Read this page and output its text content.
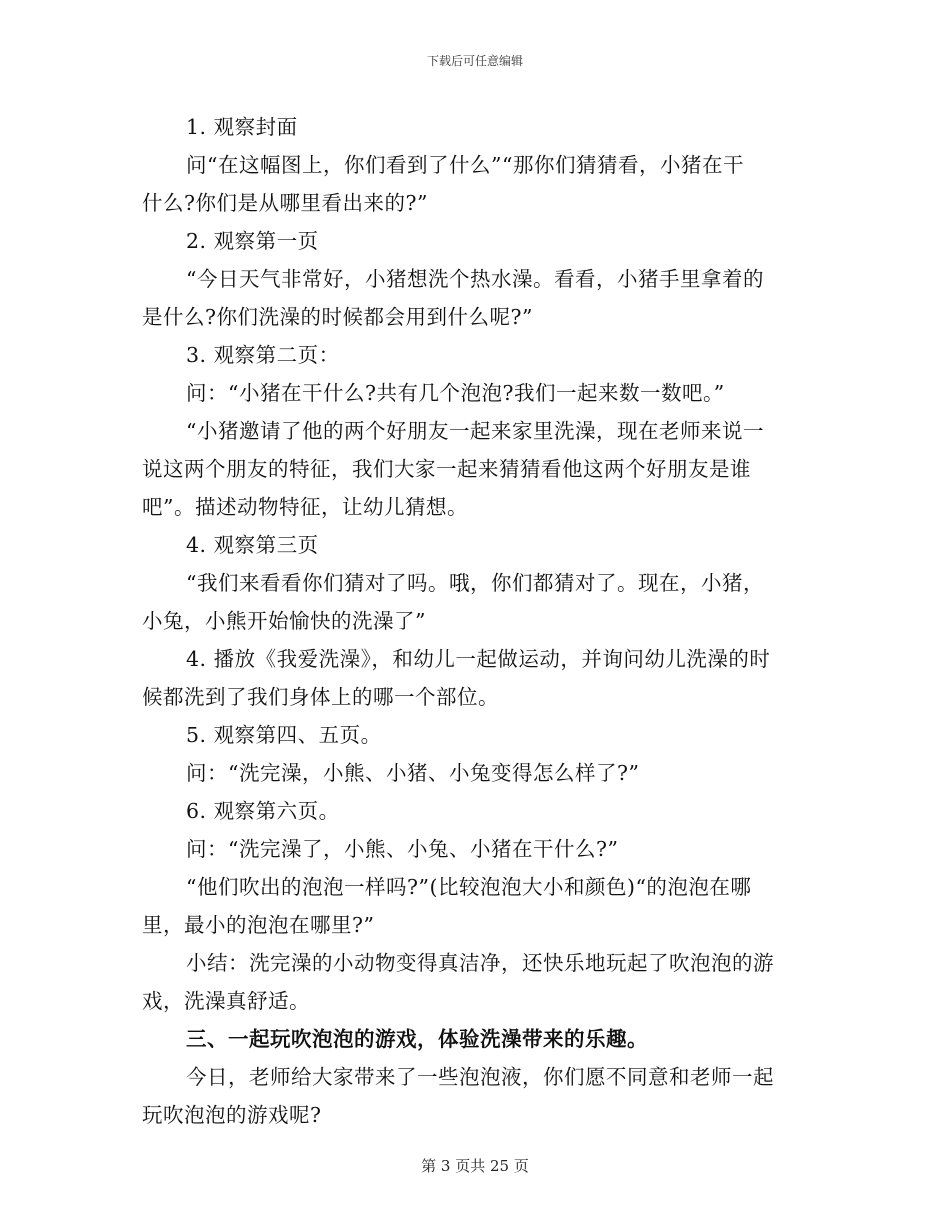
下载后可任意编辑
1. 观察封面
问“在这幅图上，你们看到了什么”“那你们猜猜看，小猪在干
什么?你们是从哪里看出来的?”
2. 观察第一页
“今日天气非常好，小猪想洗个热水澡。看看，小猪手里拿着的
是什么?你们洗澡的时候都会用到什么呢?”
3. 观察第二页：
问：“小猪在干什么?共有几个泡泡?我们一起来数一数吧。”
“小猪邀请了他的两个好朋友一起来家里洗澡，现在老师来说一
说这两个朋友的特征，我们大家一起来猜猜看他这两个好朋友是谁
吧”。描述动物特征，让幼儿猜想。
4. 观察第三页
“我们来看看你们猜对了吗。哦，你们都猜对了。现在，小猪，
小兔，小熊开始愉快的洗澡了”
4. 播放《我爱洗澡》，和幼儿一起做运动，并询问幼儿洗澡的时
候都洗到了我们身体上的哪一个部位。
5. 观察第四、五页。
问：“洗完澡，小熊、小猪、小兔变得怎么样了?”
6. 观察第六页。
问：“洗完澡了，小熊、小兔、小猪在干什么?”
“他们吹出的泡泡一样吗?”(比较泡泡大小和颜色)“的泡泡在哪
里，最小的泡泡在哪里?”
小结：洗完澡的小动物变得真洁净，还快乐地玩起了吹泡泡的游
戏，洗澡真舒适。
三、一起玩吹泡泡的游戏，体验洗澡带来的乐趣。
今日，老师给大家带来了一些泡泡液，你们愿不同意和老师一起
玩吹泡泡的游戏呢?
第 3 页共 25 页
